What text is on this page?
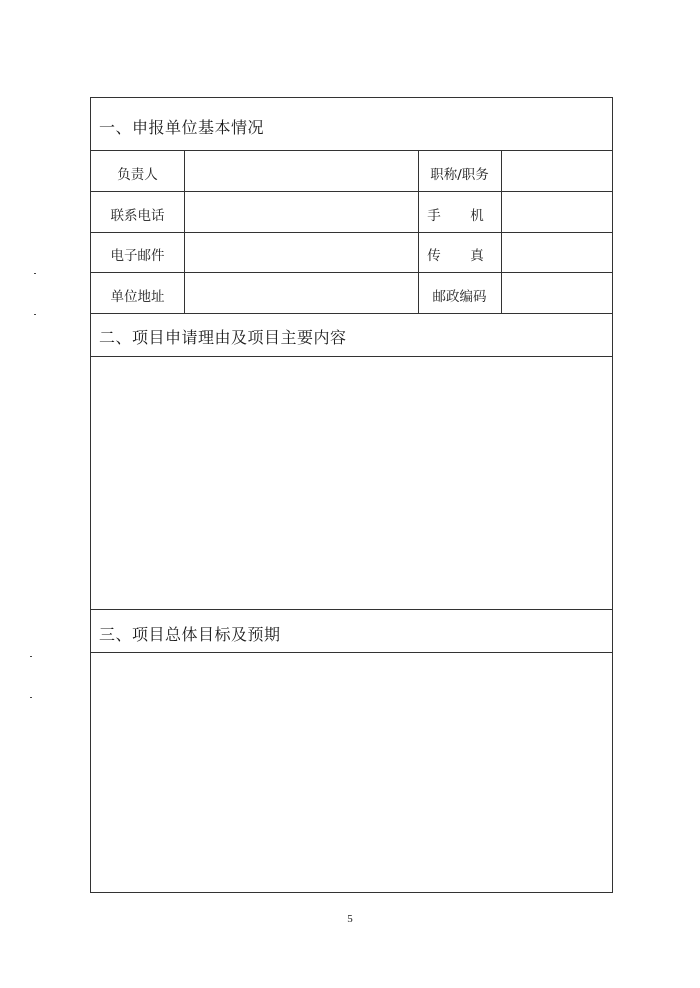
一、申报单位基本情况
负责人	职称/职务
联系电话	手　机
电子邮件	传　真
单位地址	邮政编码
二、项目申请理由及项目主要内容
三、项目总体目标及预期
5
